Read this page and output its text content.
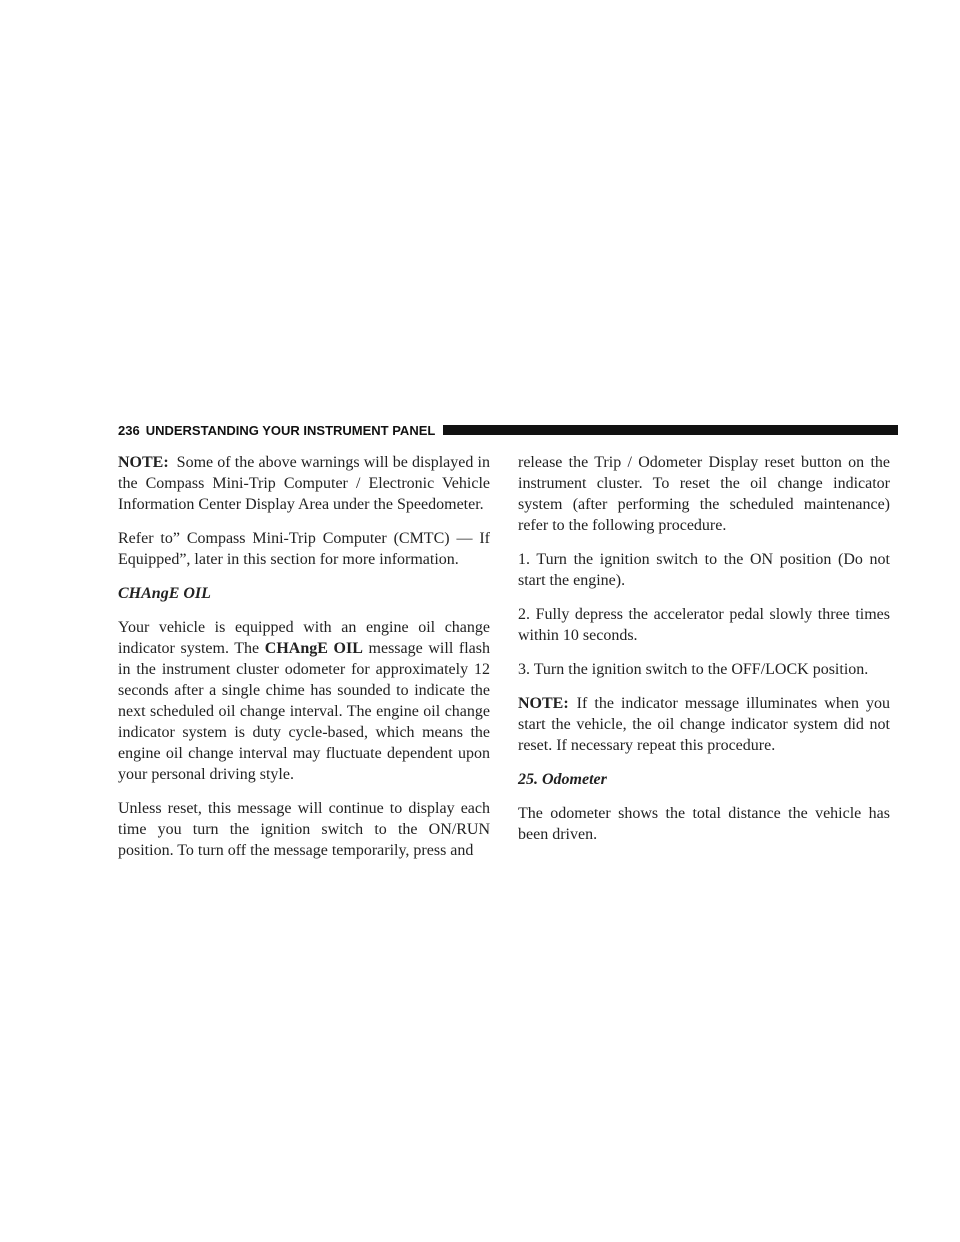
236 UNDERSTANDING YOUR INSTRUMENT PANEL

NOTE: Some of the above warnings will be displayed in the Compass Mini-Trip Computer / Electronic Vehicle Information Center Display Area under the Speedometer.

Refer to” Compass Mini-Trip Computer (CMTC) — If Equipped”, later in this section for more information.

CHAngE OIL

Your vehicle is equipped with an engine oil change indicator system. The CHAngE OIL message will flash in the instrument cluster odometer for approximately 12 seconds after a single chime has sounded to indicate the next scheduled oil change interval. The engine oil change indicator system is duty cycle-based, which means the engine oil change interval may fluctuate dependent upon your personal driving style.

Unless reset, this message will continue to display each time you turn the ignition switch to the ON/RUN position. To turn off the message temporarily, press and

release the Trip / Odometer Display reset button on the instrument cluster. To reset the oil change indicator system (after performing the scheduled maintenance) refer to the following procedure.

1. Turn the ignition switch to the ON position (Do not start the engine).

2. Fully depress the accelerator pedal slowly three times within 10 seconds.

3. Turn the ignition switch to the OFF/LOCK position.

NOTE: If the indicator message illuminates when you start the vehicle, the oil change indicator system did not reset. If necessary repeat this procedure.

25. Odometer

The odometer shows the total distance the vehicle has been driven.
